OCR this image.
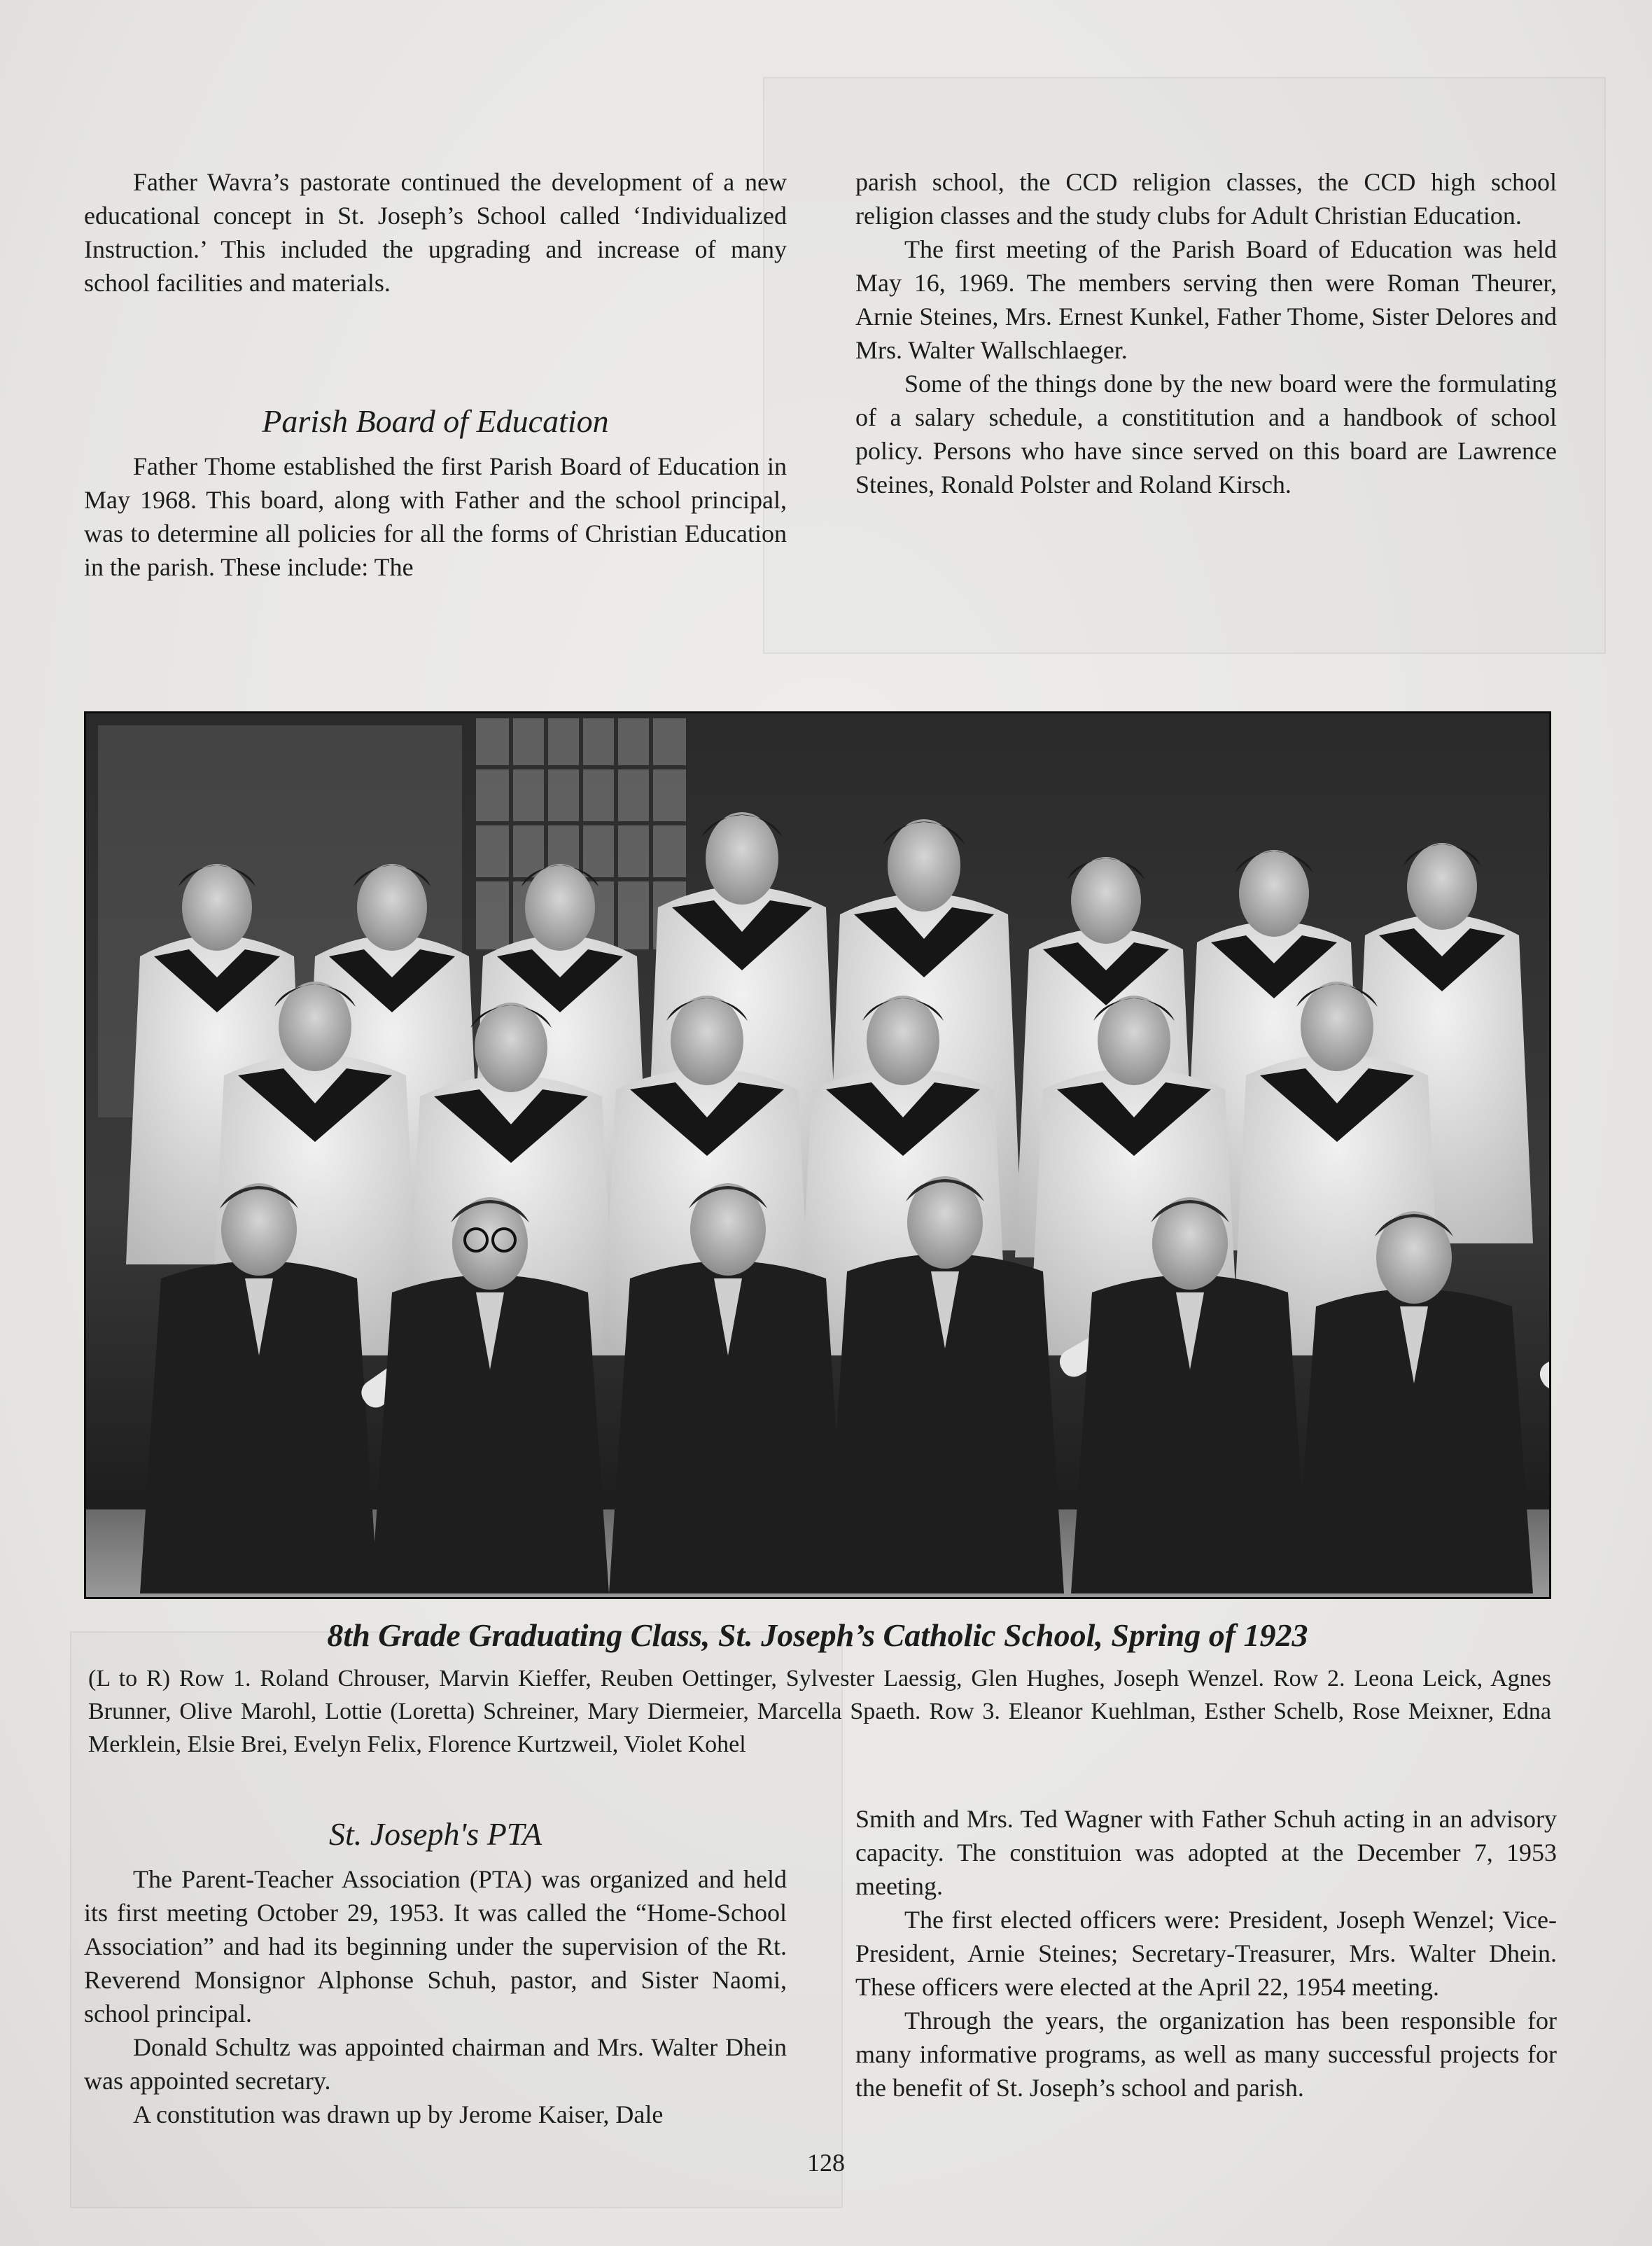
Father Wavra’s pastorate continued the development of a new educational concept in St. Joseph’s School called ‘Individualized Instruction.’ This included the upgrading and increase of many school facilities and materials.

Parish Board of Education

Father Thome established the first Parish Board of Education in May 1968. This board, along with Father and the school principal, was to determine all policies for all the forms of Christian Education in the parish. These include: The

parish school, the CCD religion classes, the CCD high school religion classes and the study clubs for Adult Christian Education.

The first meeting of the Parish Board of Education was held May 16, 1969. The members serving then were Roman Theurer, Arnie Steines, Mrs. Ernest Kunkel, Father Thome, Sister Delores and Mrs. Walter Wallschlaeger.

Some of the things done by the new board were the formulating of a salary schedule, a constititution and a handbook of school policy. Persons who have since served on this board are Lawrence Steines, Ronald Polster and Roland Kirsch.

8th Grade Graduating Class, St. Joseph’s Catholic School, Spring of 1923
(L to R) Row 1. Roland Chrouser, Marvin Kieffer, Reuben Oettinger, Sylvester Laessig, Glen Hughes, Joseph Wenzel. Row 2. Leona Leick, Agnes Brunner, Olive Marohl, Lottie (Loretta) Schreiner, Mary Diermeier, Marcella Spaeth. Row 3. Eleanor Kuehlman, Esther Schelb, Rose Meixner, Edna Merklein, Elsie Brei, Evelyn Felix, Florence Kurtzweil, Violet Kohel
St. Joseph's PTA

The Parent-Teacher Association (PTA) was organized and held its first meeting October 29, 1953. It was called the “Home-School Association” and had its beginning under the supervision of the Rt. Reverend Monsignor Alphonse Schuh, pastor, and Sister Naomi, school principal.

Donald Schultz was appointed chairman and Mrs. Walter Dhein was appointed secretary.

A constitution was drawn up by Jerome Kaiser, Dale

Smith and Mrs. Ted Wagner with Father Schuh acting in an advisory capacity. The constituion was adopted at the December 7, 1953 meeting.

The first elected officers were: President, Joseph Wenzel; Vice-President, Arnie Steines; Secretary-Treasurer, Mrs. Walter Dhein. These officers were elected at the April 22, 1954 meeting.

Through the years, the organization has been responsible for many informative programs, as well as many successful projects for the benefit of St. Joseph’s school and parish.

128
